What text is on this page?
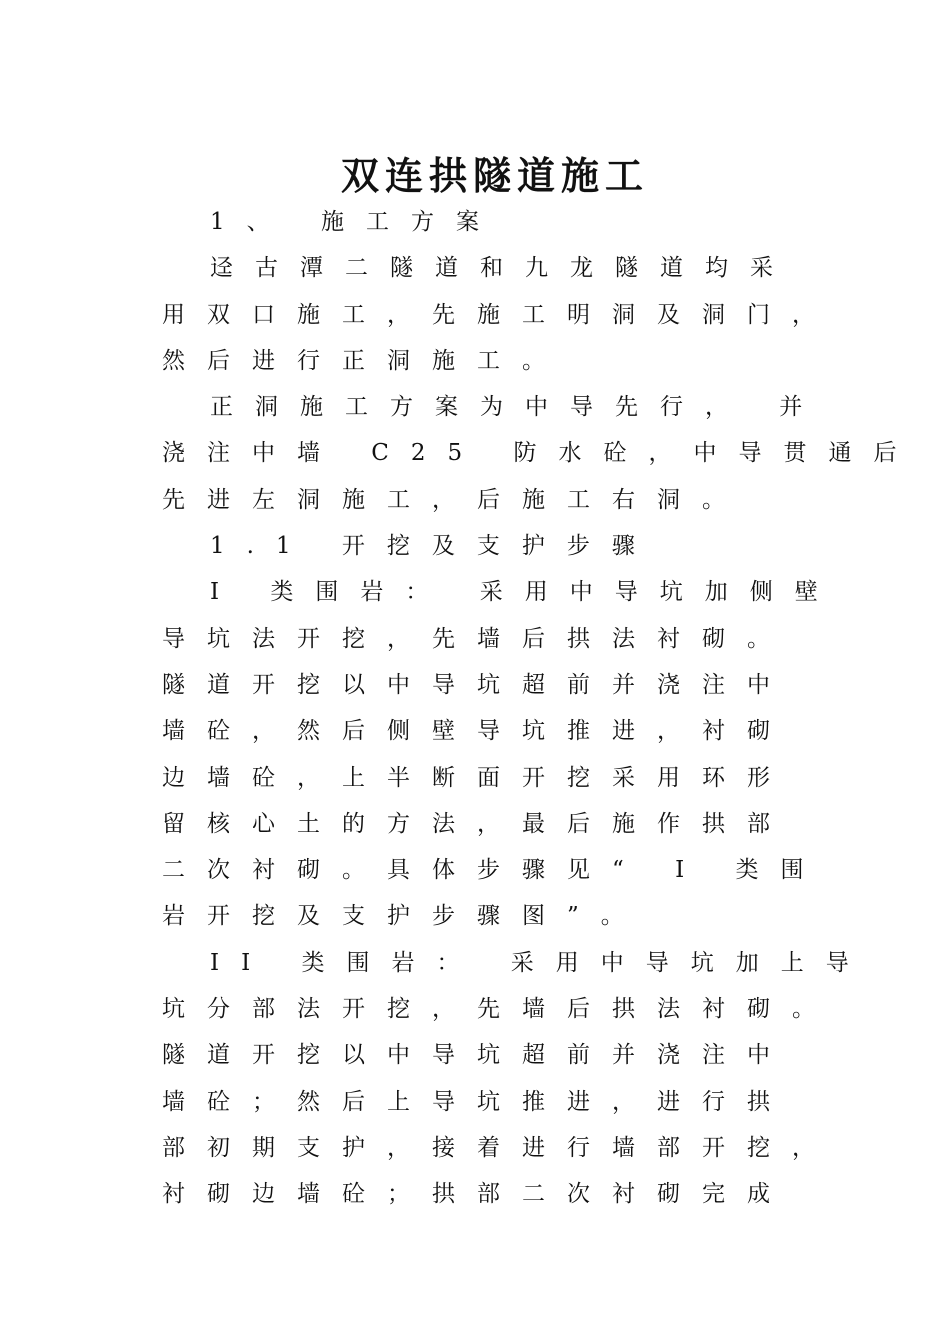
双连拱隧道施工
1、 施工方案
迳古潭二隧道和九龙隧道均采
用双口施工，先施工明洞及洞门，
然后进行正洞施工。
正洞施工方案为中导先行， 并
浇注中墙 C25 防水砼，中导贯通后
先进左洞施工，后施工右洞。
1.1 开挖及支护步骤
I 类围岩： 采用中导坑加侧壁
导坑法开挖，先墙后拱法衬砌。
隧道开挖以中导坑超前并浇注中
墙砼，然后侧壁导坑推进，衬砌
边墙砼，上半断面开挖采用环形
留核心土的方法，最后施作拱部
二次衬砌。具体步骤见“ I 类围
岩开挖及支护步骤图”。
II 类围岩： 采用中导坑加上导
坑分部法开挖，先墙后拱法衬砌。
隧道开挖以中导坑超前并浇注中
墙砼；然后上导坑推进，进行拱
部初期支护，接着进行墙部开挖，
衬砌边墙砼；拱部二次衬砌完成
